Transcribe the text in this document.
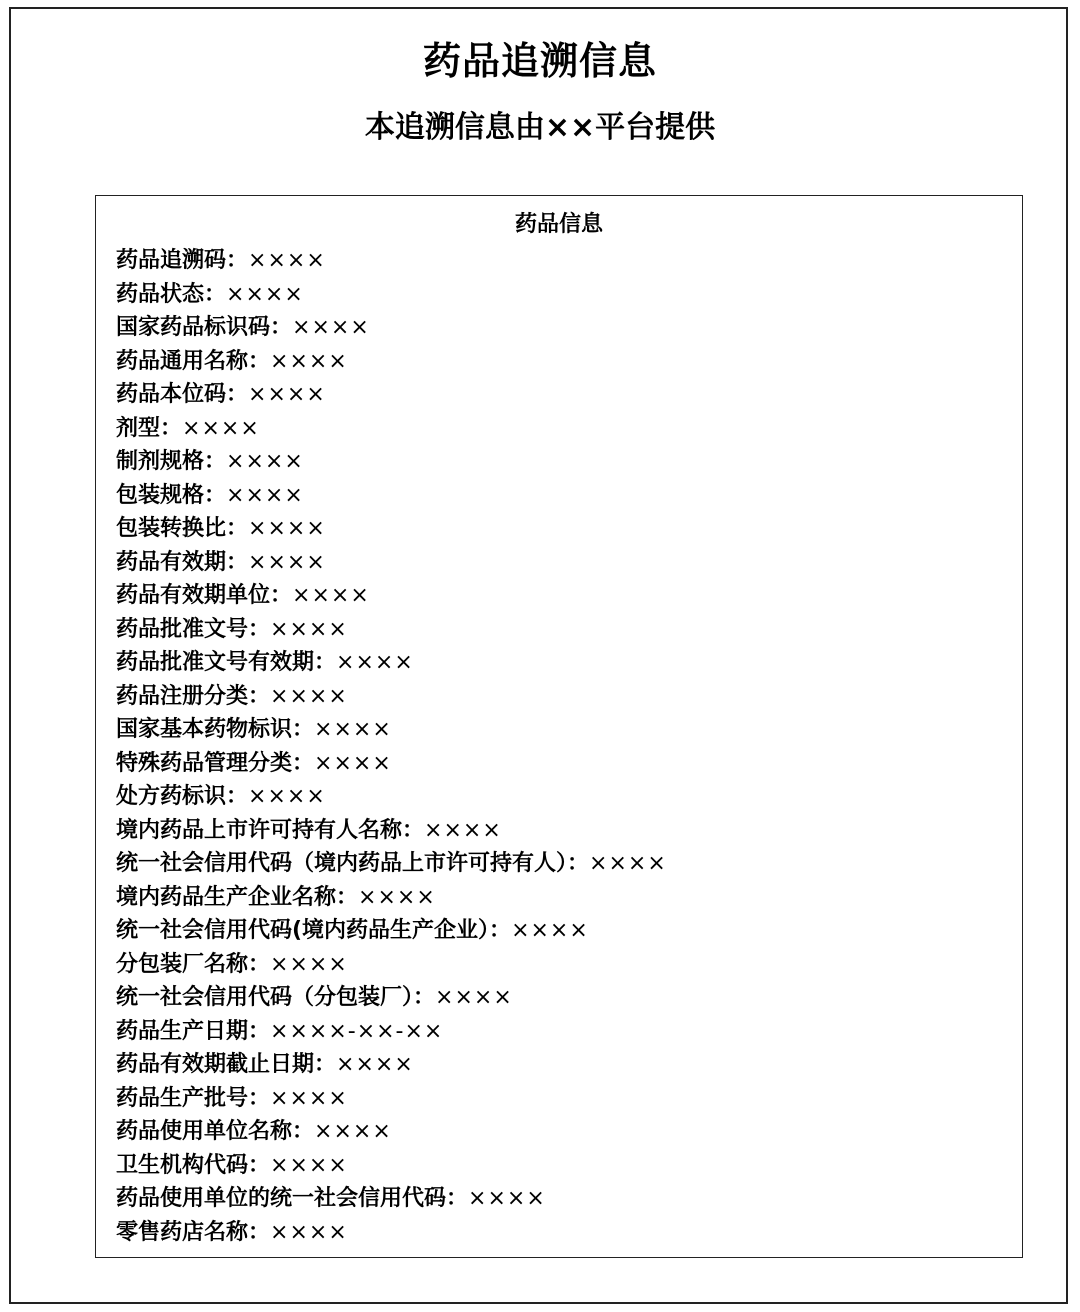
药品追溯信息
本追溯信息由××平台提供
药品信息
药品追溯码：××××
药品状态：××××
国家药品标识码：××××
药品通用名称：××××
药品本位码：××××
剂型：××××
制剂规格：××××
包装规格：××××
包装转换比：××××
药品有效期：××××
药品有效期单位：××××
药品批准文号：××××
药品批准文号有效期：××××
药品注册分类：××××
国家基本药物标识：××××
特殊药品管理分类：××××
处方药标识：××××
境内药品上市许可持有人名称：××××
统一社会信用代码（境内药品上市许可持有人）：××××
境内药品生产企业名称：××××
统一社会信用代码(境内药品生产企业）：××××
分包装厂名称：××××
统一社会信用代码（分包装厂）：××××
药品生产日期：××××-××-××
药品有效期截止日期：××××
药品生产批号：××××
药品使用单位名称：××××
卫生机构代码：××××
药品使用单位的统一社会信用代码：××××
零售药店名称：××××
